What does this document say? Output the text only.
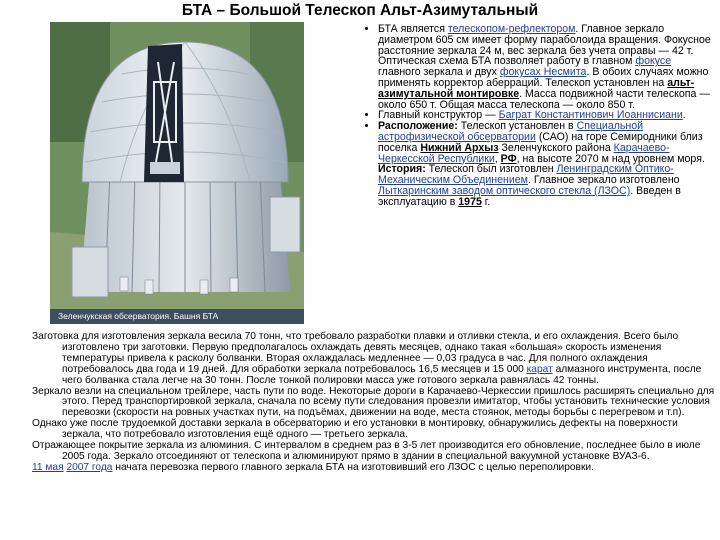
БТА – Большой Телескоп Альт-Азимутальный
Зеленчукская обсерватория. Башня БТА
• БТА является телескопом-рефлектором. Главное зеркало диаметром 605 см имеет форму параболоида вращения. Фокусное расстояние зеркала 24 м, вес зеркала без учета оправы — 42 т. Оптическая схема БТА позволяет работу в главном фокусе главного зеркала и двух фокусах Несмита. В обоих случаях можно применять корректор аберраций. Телескоп установлен на альт-азимутальной монтировке. Масса подвижной части телескопа — около 650 т. Общая масса телескопа — около 850 т.
• Главный конструктор — Баграт Константинович Иоаннисиани.
• Расположение: Телескоп установлен в Специальной астрофизической обсерватории (САО) на горе Семиродники близ поселка Нижний Архыз Зеленчукского района Карачаево-Черкесской Республики, РФ, на высоте 2070 м над уровнем моря. История: Телескоп был изготовлен Ленинградским Оптико-Механическим Объединением. Главное зеркало изготовлено Лыткаринским заводом оптического стекла (ЛЗОС). Введен в эксплуатацию в 1975 г.

Заготовка для изготовления зеркала весила 70 тонн, что требовало разработки плавки и отливки стекла, и его охлаждения. Всего было изготовлено три заготовки. Первую предполагалось охлаждать девять месяцев, однако такая «большая» скорость изменения температуры привела к расколу болванки. Вторая охлаждалась медленнее — 0,03 градуса в час. Для полного охлаждения потребовалось два года и 19 дней. Для обработки зеркала потребовалось 16,5 месяцев и 15 000 карат алмазного инструмента, после чего болванка стала легче на 30 тонн. После тонкой полировки масса уже готового зеркала равнялась 42 тонны.

Зеркало везли на специальном трейлере, часть пути по воде. Некоторые дороги в Карачаево-Черкессии пришлось расширять специально для этого. Перед транспортировкой зеркала, сначала по всему пути следования провезли имитатор, чтобы установить технические условия перевозки (скорости на ровных участках пути, на подъёмах, движении на воде, места стоянок, методы борьбы с перегревом и т.п).

Однако уже после трудоемкой доставки зеркала в обсерваторию и его установки в монтировку, обнаружились дефекты на поверхности зеркала, что потребовало изготовления ещё одного — третьего зеркала.

Отражающее покрытие зеркала из алюминия. С интервалом в среднем раз в 3-5 лет производится его обновление, последнее было в июле 2005 года. Зеркало отсоединяют от телескопа и алюминируют прямо в здании в специальной вакуумной установке ВУАЗ-6.

11 мая 2007 года начата перевозка первого главного зеркала БТА на изготовивший его ЛЗОС с целью переполировки.
